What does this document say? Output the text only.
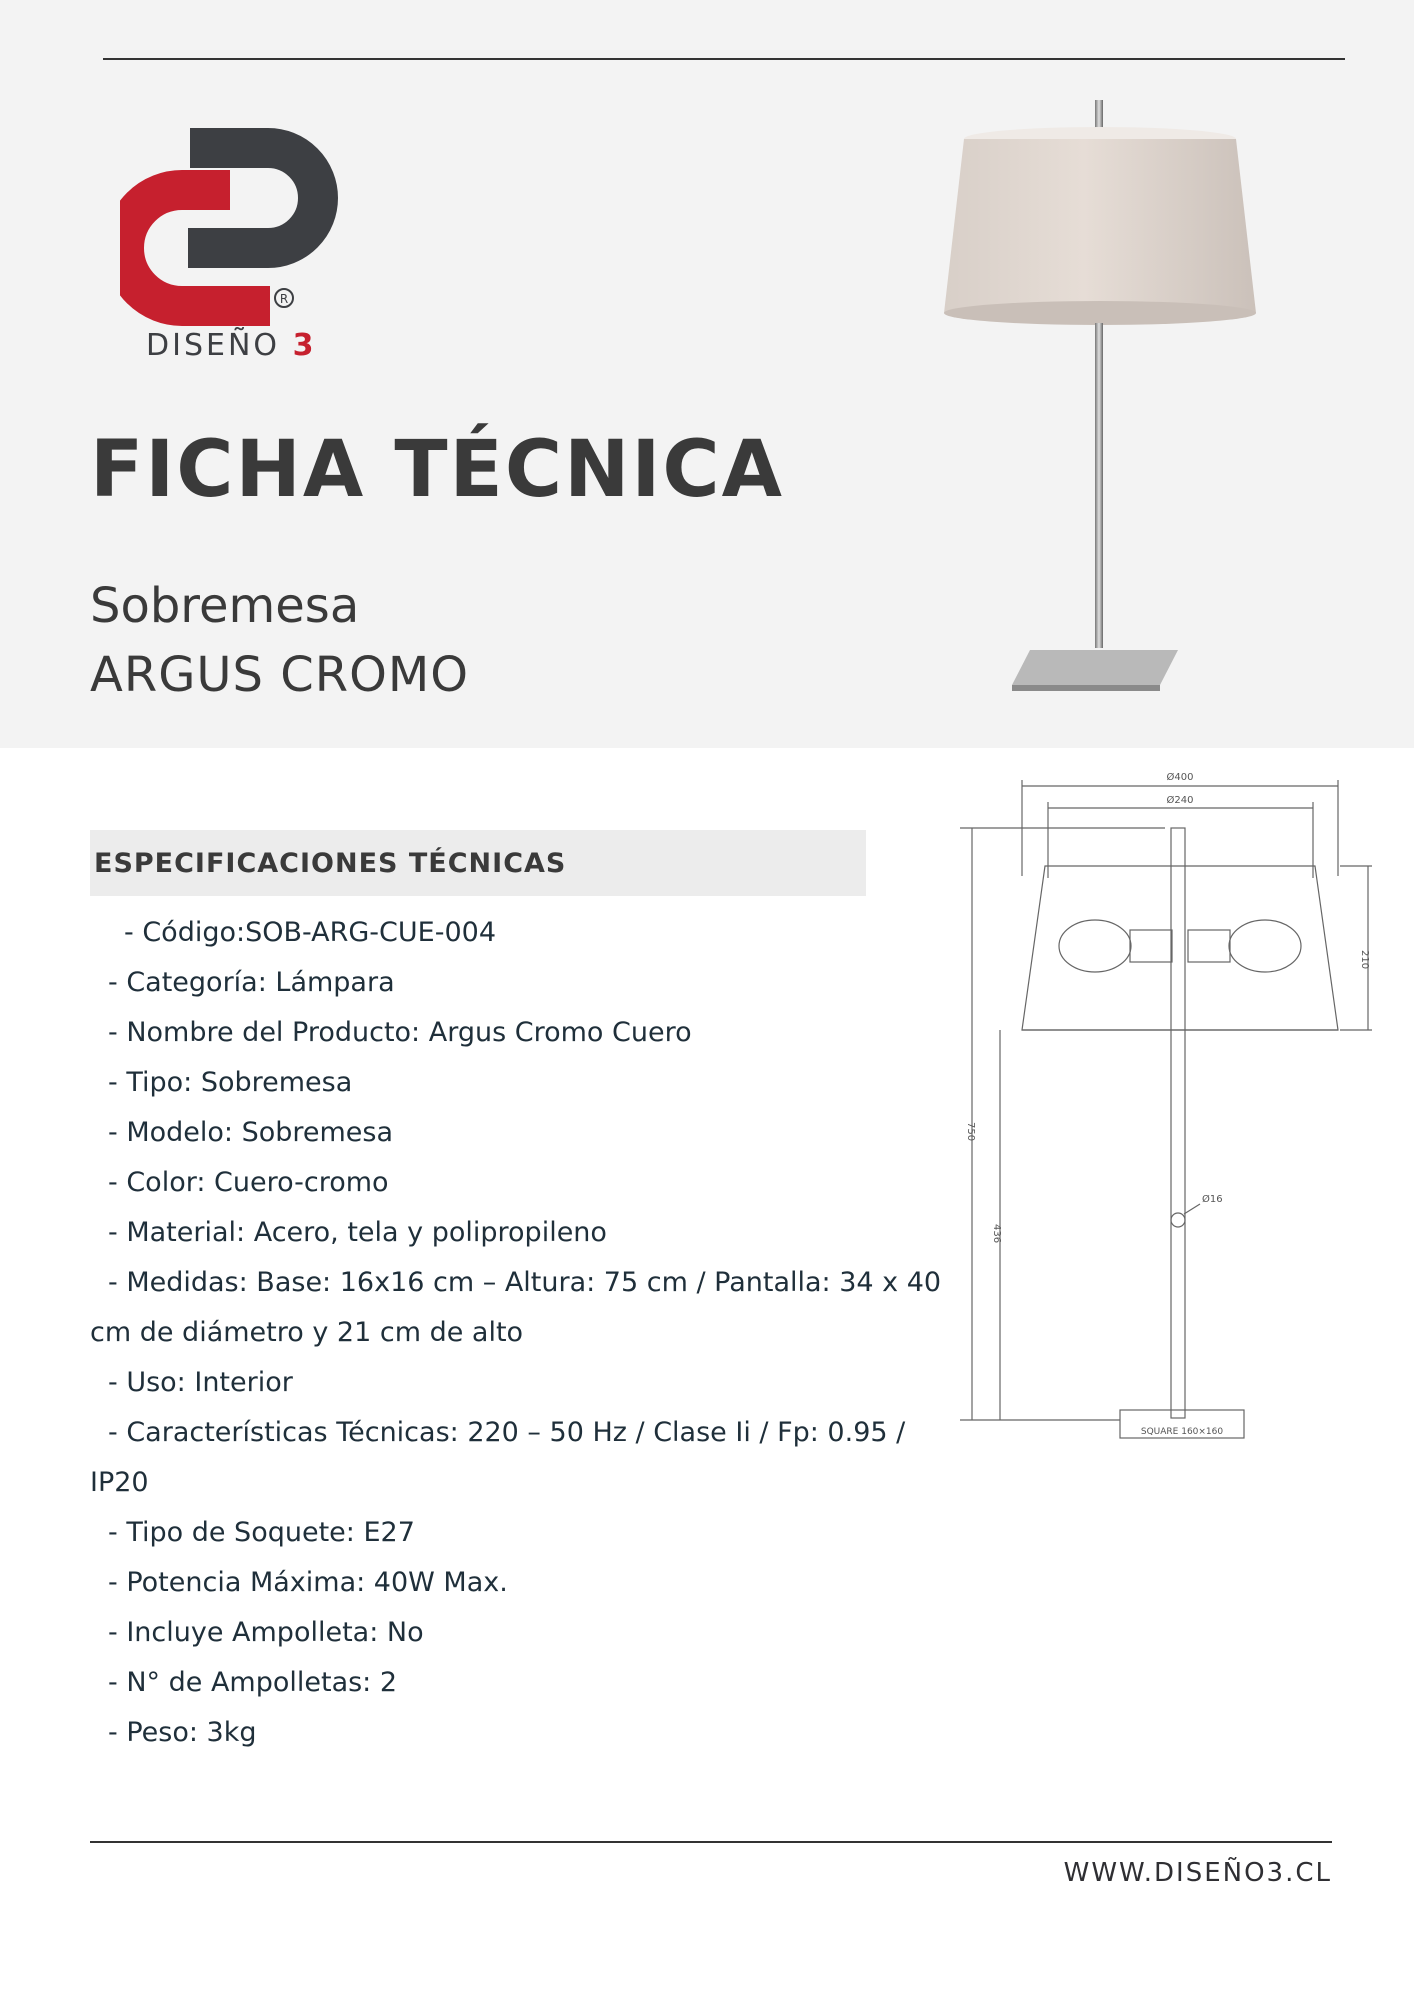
R
DISEÑO 3
FICHA TÉCNICA
Sobremesa
ARGUS CROMO
Ø400
Ø240
210
750
436
Ø16
SQUARE 160×160
ESPECIFICACIONES TÉCNICAS
- Código:SOB-ARG-CUE-004
- Categoría: Lámpara
- Nombre del Producto: Argus Cromo Cuero
- Tipo: Sobremesa
- Modelo: Sobremesa
- Color: Cuero-cromo
- Material: Acero, tela y polipropileno
- Medidas: Base: 16x16 cm – Altura: 75 cm / Pantalla: 34 x 40 cm de diámetro y 21 cm de alto
- Uso: Interior
- Características Técnicas: 220 – 50 Hz / Clase Ii / Fp: 0.95 / IP20
- Tipo de Soquete: E27
- Potencia Máxima: 40W Max.
- Incluye Ampolleta: No
- N° de Ampolletas: 2
- Peso: 3kg
WWW.DISEÑO3.CL
